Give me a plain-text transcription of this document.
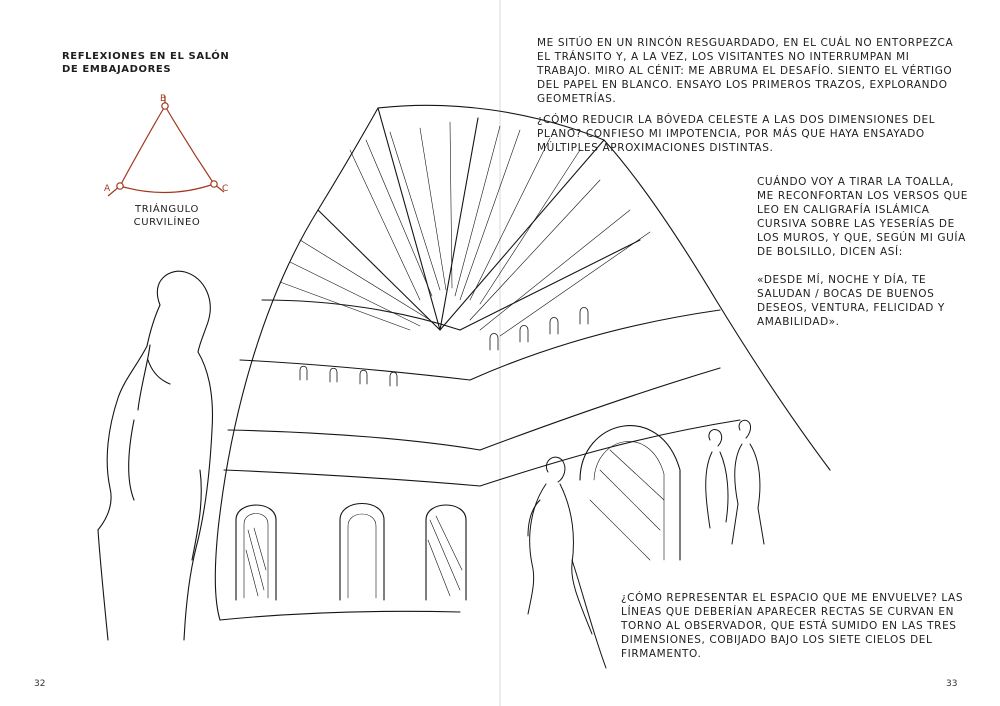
REFLEXIONES EN EL SALÓN DE EMBAJADORES
B
A	C
TRIÁNGULO CURVILÍNEO
32

ME SITÚO EN UN RINCÓN RESGUARDADO, EN EL CUÁL NO ENTORPEZCA EL TRÁNSITO Y, A LA VEZ, LOS VISITANTES NO INTERRUMPAN MI TRABAJO. MIRO AL CÉNIT: ME ABRUMA EL DESAFÍO. SIENTO EL VÉRTIGO DEL PAPEL EN BLANCO. ENSAYO LOS PRIMEROS TRAZOS, EXPLORANDO GEOMETRÍAS.

¿CÓMO REDUCIR LA BÓVEDA CELESTE A LAS DOS DIMENSIONES DEL PLANO? CONFIESO MI IMPOTENCIA, POR MÁS QUE HAYA ENSAYADO MÚLTIPLES APROXIMACIONES DISTINTAS.

CUÁNDO VOY A TIRAR LA TOALLA, ME RECONFORTAN LOS VERSOS QUE LEO EN CALIGRAFÍA ISLÁMICA CURSIVA SOBRE LAS YESERÍAS DE LOS MUROS, Y QUE, SEGÚN MI GUÍA DE BOLSILLO, DICEN ASÍ:

«DESDE MÍ, NOCHE Y DÍA, TE SALUDAN / BOCAS DE BUENOS DESEOS, VENTURA, FELICIDAD Y AMABILIDAD».

¿CÓMO REPRESENTAR EL ESPACIO QUE ME ENVUELVE? LAS LÍNEAS QUE DEBERÍAN APARECER RECTAS SE CURVAN EN TORNO AL OBSERVADOR, QUE ESTÁ SUMIDO EN LAS TRES DIMENSIONES, COBIJADO BAJO LOS SIETE CIELOS DEL FIRMAMENTO.

33
